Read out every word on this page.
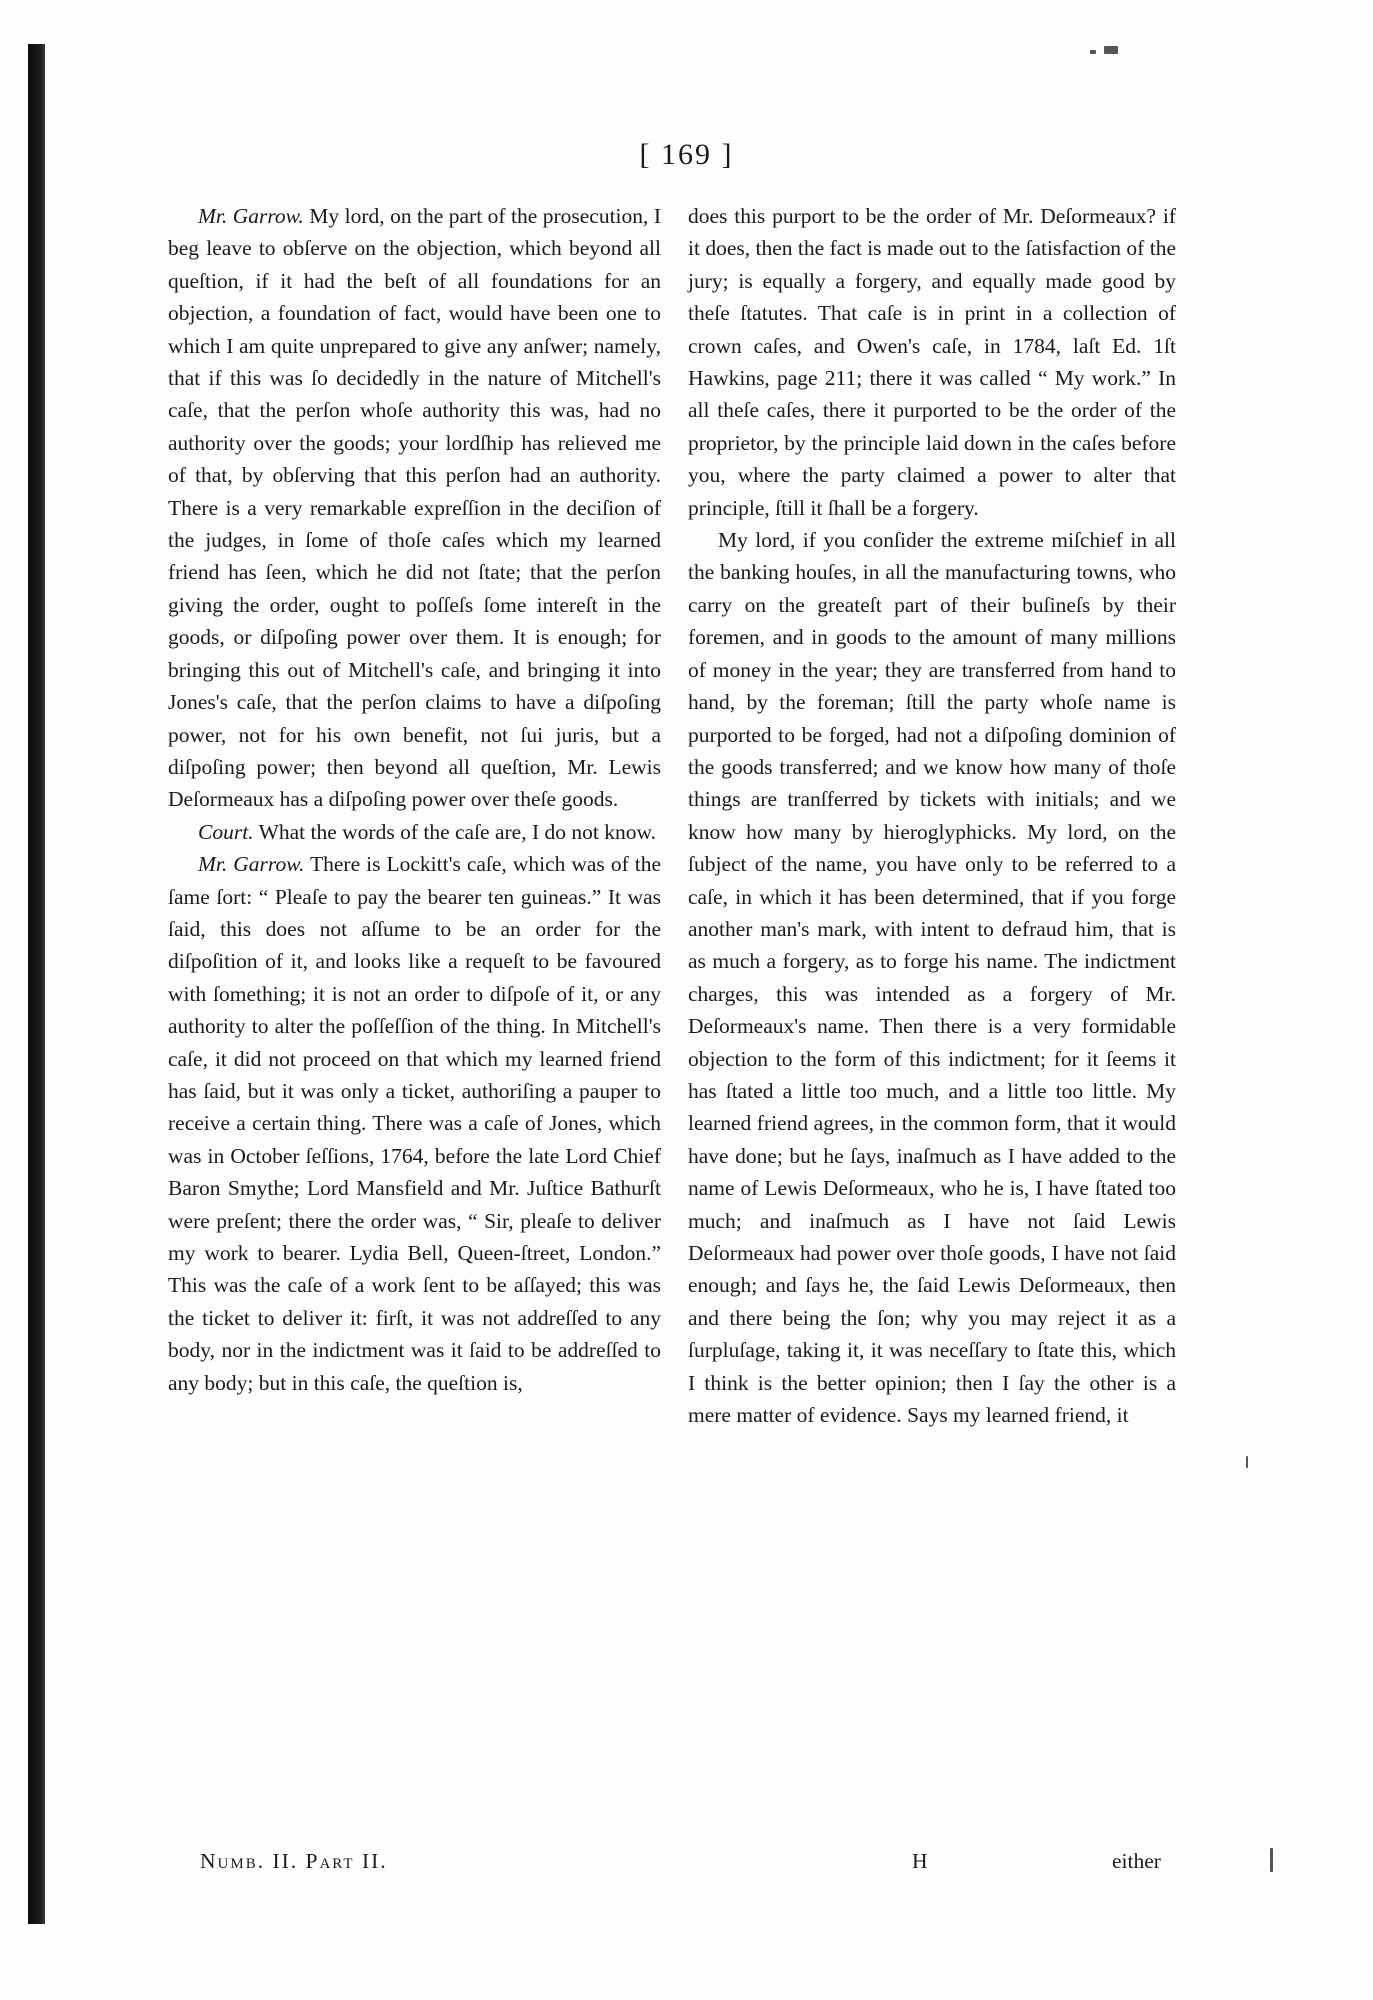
[ 169 ]

Mr. Garrow. My lord, on the part of the prosecution, I beg leave to obſerve on the objection, which beyond all queſtion, if it had the beſt of all foundations for an objection, a foundation of fact, would have been one to which I am quite unprepared to give any anſwer; namely, that if this was ſo decidedly in the nature of Mitchell's caſe, that the perſon whoſe authority this was, had no authority over the goods; your lordſhip has relieved me of that, by obſerving that this perſon had an authority. There is a very remarkable expreſſion in the deciſion of the judges, in ſome of thoſe caſes which my learned friend has ſeen, which he did not ſtate; that the perſon giving the order, ought to poſſeſs ſome intereſt in the goods, or diſpoſing power over them. It is enough; for bringing this out of Mitchell's caſe, and bringing it into Jones's caſe, that the perſon claims to have a diſpoſing power, not for his own benefit, not ſui juris, but a diſpoſing power; then beyond all queſtion, Mr. Lewis Deſormeaux has a diſpoſing power over theſe goods.

Court. What the words of the caſe are, I do not know.

Mr. Garrow. There is Lockitt's caſe, which was of the ſame ſort: “ Pleaſe to pay the bearer ten guineas.” It was ſaid, this does not aſſume to be an order for the diſpoſition of it, and looks like a requeſt to be favoured with ſomething; it is not an order to diſpoſe of it, or any authority to alter the poſſeſſion of the thing. In Mitchell's caſe, it did not proceed on that which my learned friend has ſaid, but it was only a ticket, authoriſing a pauper to receive a certain thing. There was a caſe of Jones, which was in October ſeſſions, 1764, before the late Lord Chief Baron Smythe; Lord Mansfield and Mr. Juſtice Bathurſt were preſent; there the order was, “ Sir, pleaſe to deliver my work to bearer. Lydia Bell, Queen-ſtreet, London.” This was the caſe of a work ſent to be aſſayed; this was the ticket to deliver it: firſt, it was not addreſſed to any body, nor in the indictment was it ſaid to be addreſſed to any body; but in this caſe, the queſtion is,

does this purport to be the order of Mr. Deſormeaux? if it does, then the fact is made out to the ſatisfaction of the jury; is equally a forgery, and equally made good by theſe ſtatutes. That caſe is in print in a collection of crown caſes, and Owen's caſe, in 1784, laſt Ed. 1ſt Hawkins, page 211; there it was called “ My work.” In all theſe caſes, there it purported to be the order of the proprietor, by the principle laid down in the caſes before you, where the party claimed a power to alter that principle, ſtill it ſhall be a forgery.

My lord, if you conſider the extreme miſchief in all the banking houſes, in all the manufacturing towns, who carry on the greateſt part of their buſineſs by their foremen, and in goods to the amount of many millions of money in the year; they are transferred from hand to hand, by the foreman; ſtill the party whoſe name is purported to be forged, had not a diſpoſing dominion of the goods transferred; and we know how many of thoſe things are tranſferred by tickets with initials; and we know how many by hieroglyphicks. My lord, on the ſubject of the name, you have only to be referred to a caſe, in which it has been determined, that if you forge another man's mark, with intent to defraud him, that is as much a forgery, as to forge his name. The indictment charges, this was intended as a forgery of Mr. Deſormeaux's name. Then there is a very formidable objection to the form of this indictment; for it ſeems it has ſtated a little too much, and a little too little. My learned friend agrees, in the common form, that it would have done; but he ſays, inaſmuch as I have added to the name of Lewis Deſormeaux, who he is, I have ſtated too much; and inaſmuch as I have not ſaid Lewis Deſormeaux had power over thoſe goods, I have not ſaid enough; and ſays he, the ſaid Lewis Deſormeaux, then and there being the ſon; why you may reject it as a ſurpluſage, taking it, it was neceſſary to ſtate this, which I think is the better opinion; then I ſay the other is a mere matter of evidence. Says my learned friend, it

Numb. II. Part II.	H	either
